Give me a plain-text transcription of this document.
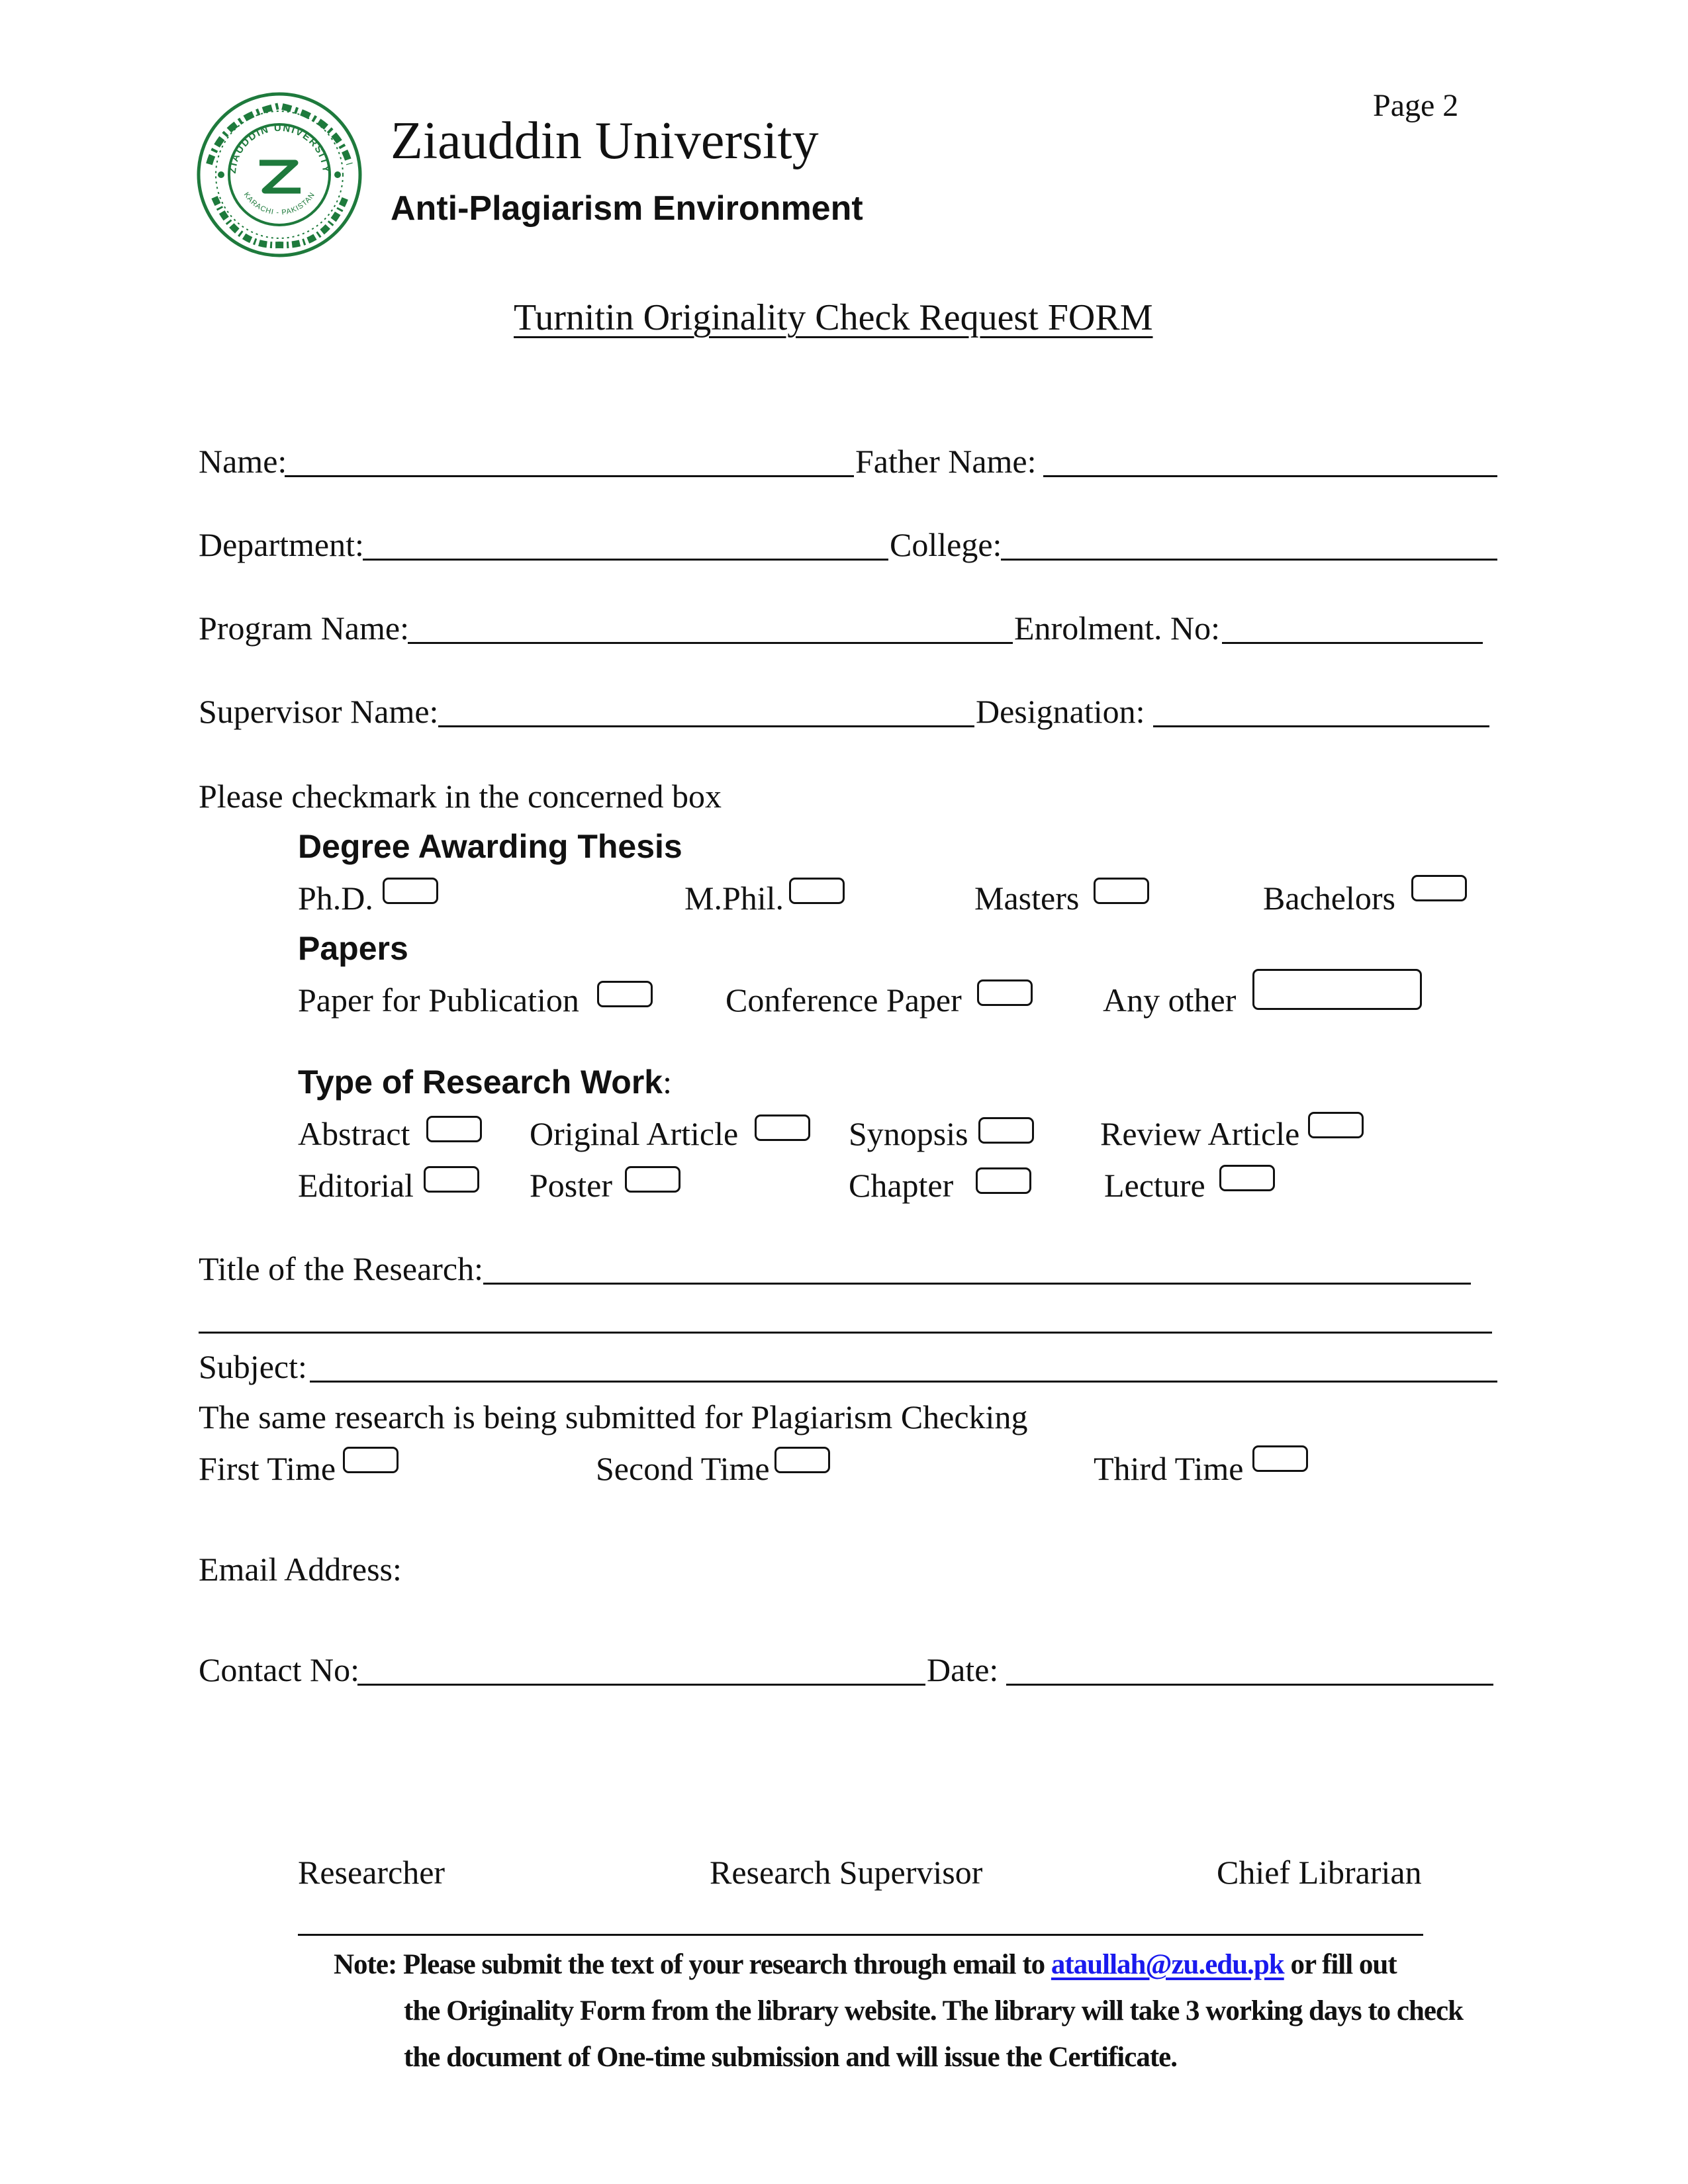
Page 2
ZIAUDDIN UNIVERSITY
KARACHI - PAKISTAN
Ziauddin University
Anti-Plagiarism Environment
Turnitin Originality Check Request FORM
Name:	Father Name:
Department:	College:
Program Name:	Enrolment. No:
Supervisor Name:	Designation:
Please checkmark in the concerned box
Degree Awarding Thesis
Ph.D.	M.Phil.	Masters	Bachelors
Papers
Paper for Publication	Conference Paper	Any other
Type of Research Work:
Abstract	Original Article	Synopsis	Review Article
Editorial	Poster	Chapter	Lecture
Title of the Research:
Subject:
The same research is being submitted for Plagiarism Checking
First Time	Second Time	Third Time
Email Address:
Contact No:	Date:
Researcher	Research Supervisor	Chief Librarian
Note: Please submit the text of your research through email to ataullah@zu.edu.pk or fill out
the Originality Form from the library website. The library will take 3 working days to check
the document of One-time submission and will issue the Certificate.
